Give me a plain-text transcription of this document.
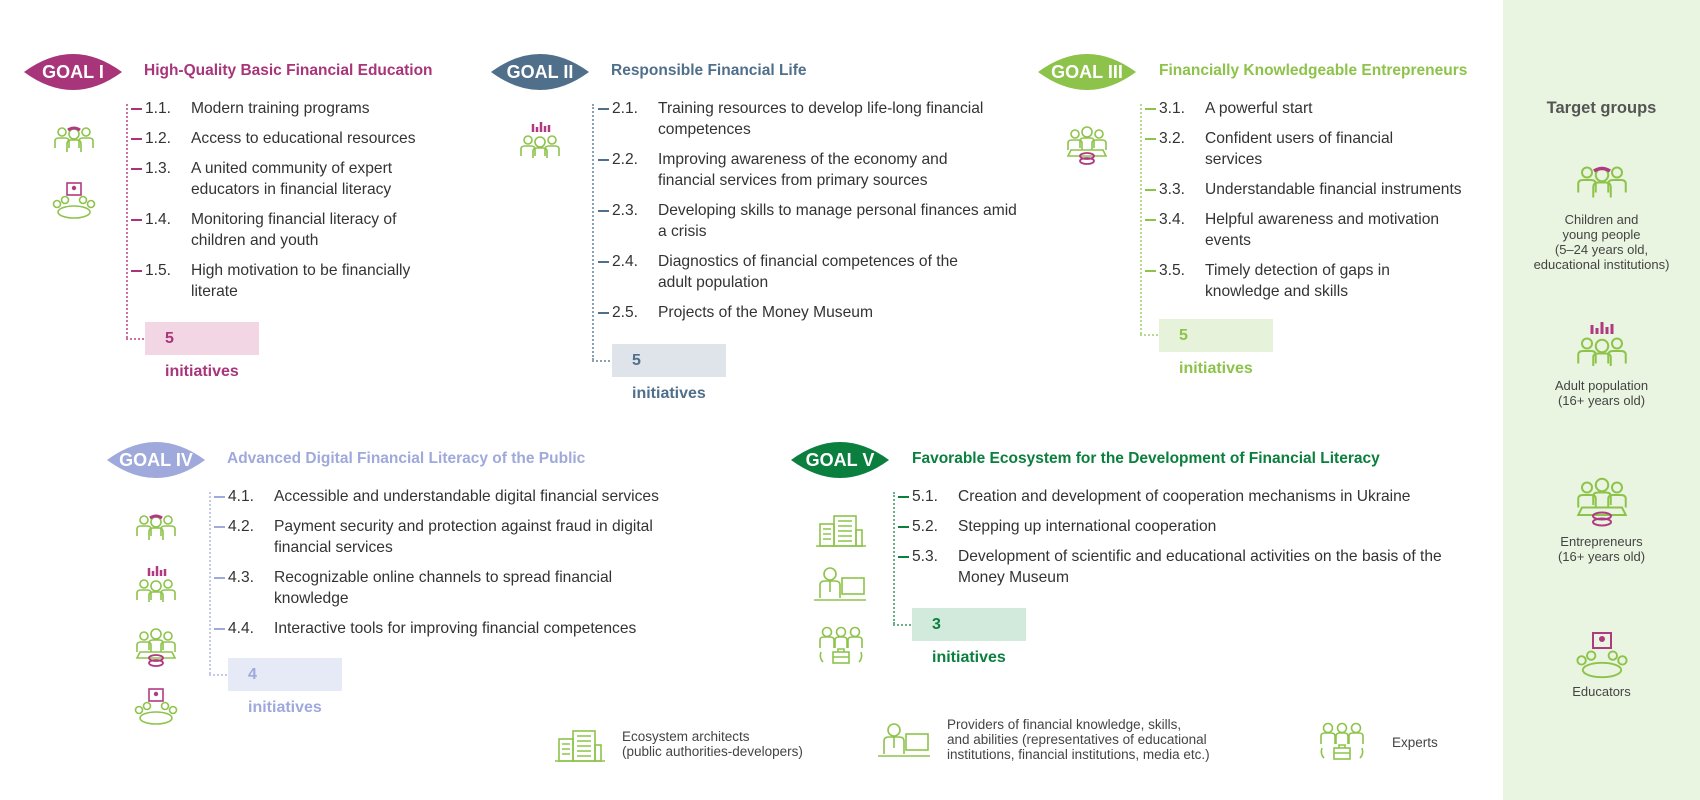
GOAL I	High-Quality Basic Financial Education
1.1. Modern training programs
1.2. Access to educational resources
1.3. A united community of expert educators in financial literacy
1.4. Monitoring financial literacy of children and youth
1.5. High motivation to be financially literate
5 initiatives
GOAL II Responsible Financial Life
2.1. Training resources to develop life-long financial competences
2.2. Improving awareness of the economy and financial services from primary sources
2.3. Developing skills to manage personal finances amid a crisis
2.4. Diagnostics of financial competences of the adult population
2.5. Projects of the Money Museum
5 initiatives
GOAL III Financially Knowledgeable Entrepreneurs
3.1. A powerful start
3.2. Confident users of financial services
3.3. Understandable financial instruments
3.4. Helpful awareness and motivation events
3.5. Timely detection of gaps in knowledge and skills
5 initiatives
GOAL IV Advanced Digital Financial Literacy of the Public
4.1. Accessible and understandable digital financial services
4.2. Payment security and protection against fraud in digital financial services
4.3. Recognizable online channels to spread financial knowledge
4.4. Interactive tools for improving financial competences
4 initiatives
GOAL V Favorable Ecosystem for the Development of Financial Literacy
5.1. Creation and development of cooperation mechanisms in Ukraine
5.2. Stepping up international cooperation
5.3. Development of scientific and educational activities on the basis of the Money Museum
3 initiatives
Ecosystem architects
(public authorities-developers)
Providers of financial knowledge, skills,
and abilities (representatives of educational
institutions, financial institutions, media etc.)
Experts
Target groups
Children and
young people
(5–24 years old,
educational institutions)
Adult population
(16+ years old)
Entrepreneurs
(16+ years old)
Educators
